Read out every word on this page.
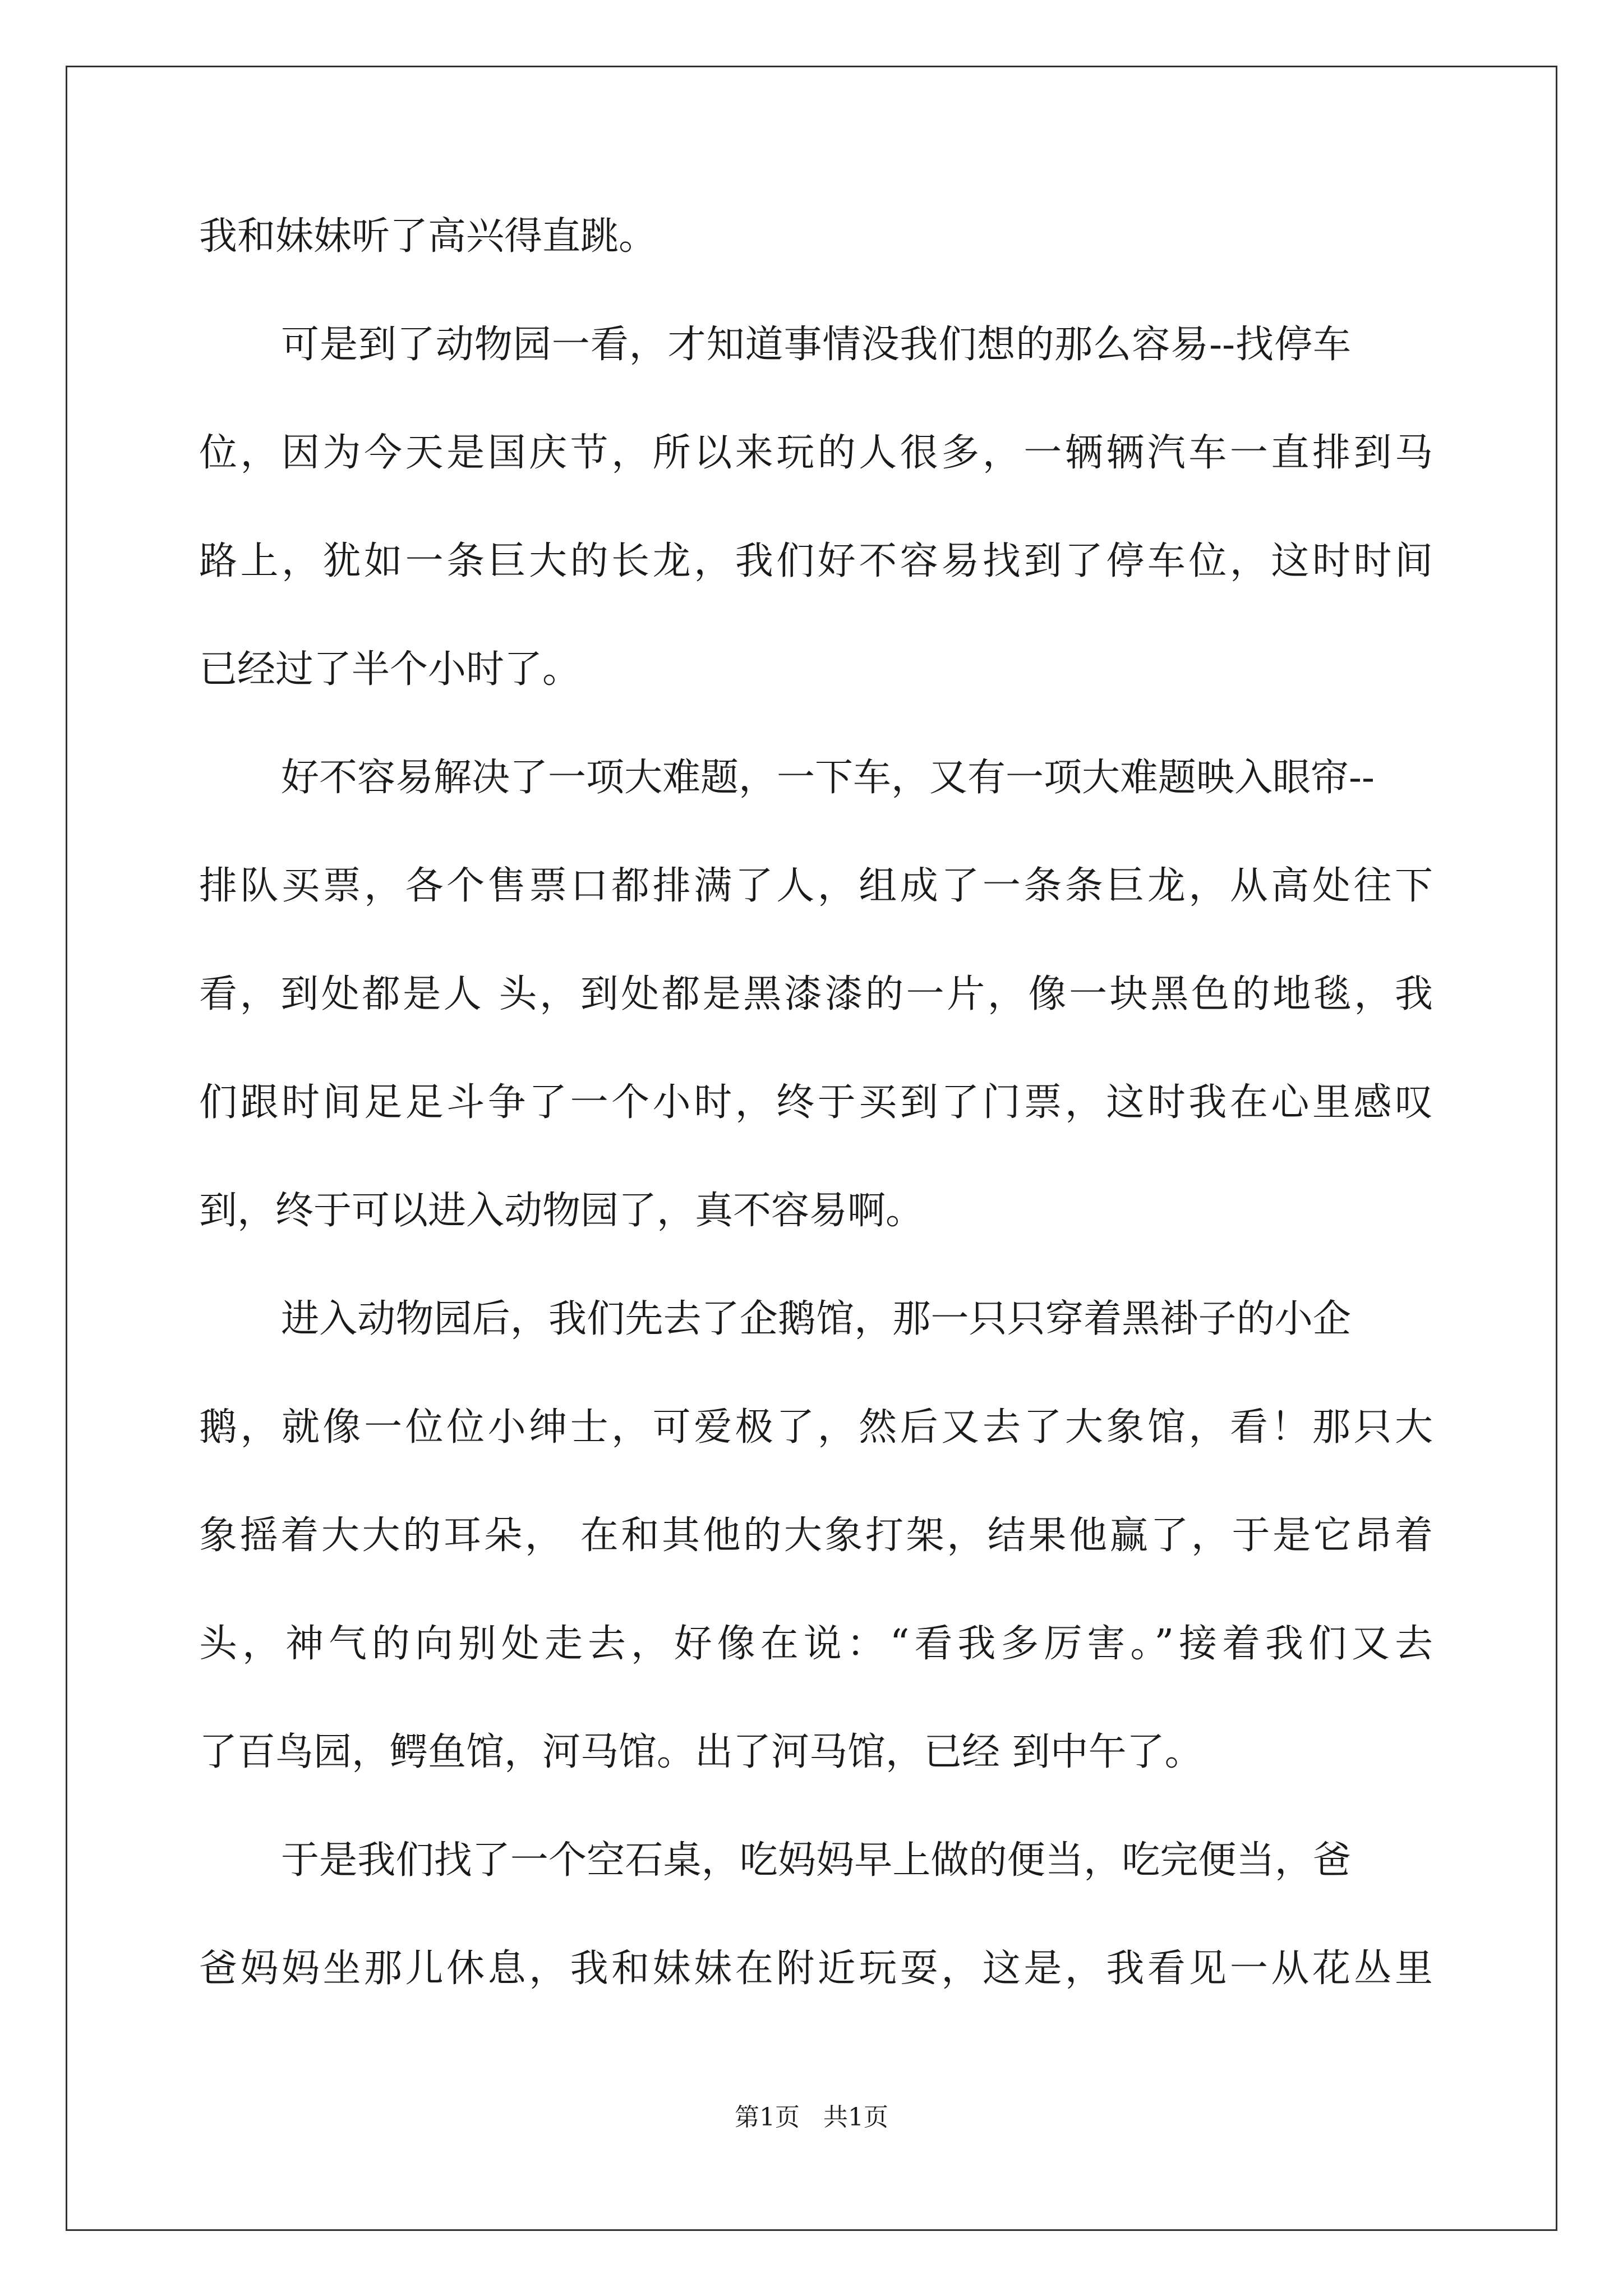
我和妹妹听了高兴得直跳。
可是到了动物园一看，才知道事情没我们想的那么容易--找停车
位，因为今天是国庆节，所以来玩的人很多，一辆辆汽车一直排到马
路上，犹如一条巨大的长龙，我们好不容易找到了停车位，这时时间
已经过了半个小时了。
好不容易解决了一项大难题，一下车，又有一项大难题映入眼帘--
排队买票，各个售票口都排满了人，组成了一条条巨龙，从高处往下
看，到处都是人 头，到处都是黑漆漆的一片，像一块黑色的地毯，我
们跟时间足足斗争了一个小时，终于买到了门票，这时我在心里感叹
到，终于可以进入动物园了，真不容易啊。
进入动物园后，我们先去了企鹅馆，那一只只穿着黑褂子的小企
鹅，就像一位位小绅士，可爱极了，然后又去了大象馆，看！那只大
象摇着大大的耳朵， 在和其他的大象打架，结果他赢了，于是它昂着
头，神气的向别处走去，好像在说：“看我多厉害。”接着我们又去
了百鸟园，鳄鱼馆，河马馆。出了河马馆，已经 到中午了。
于是我们找了一个空石桌，吃妈妈早上做的便当，吃完便当，爸
爸妈妈坐那儿休息，我和妹妹在附近玩耍，这是，我看见一从花丛里
第1页 共1页
